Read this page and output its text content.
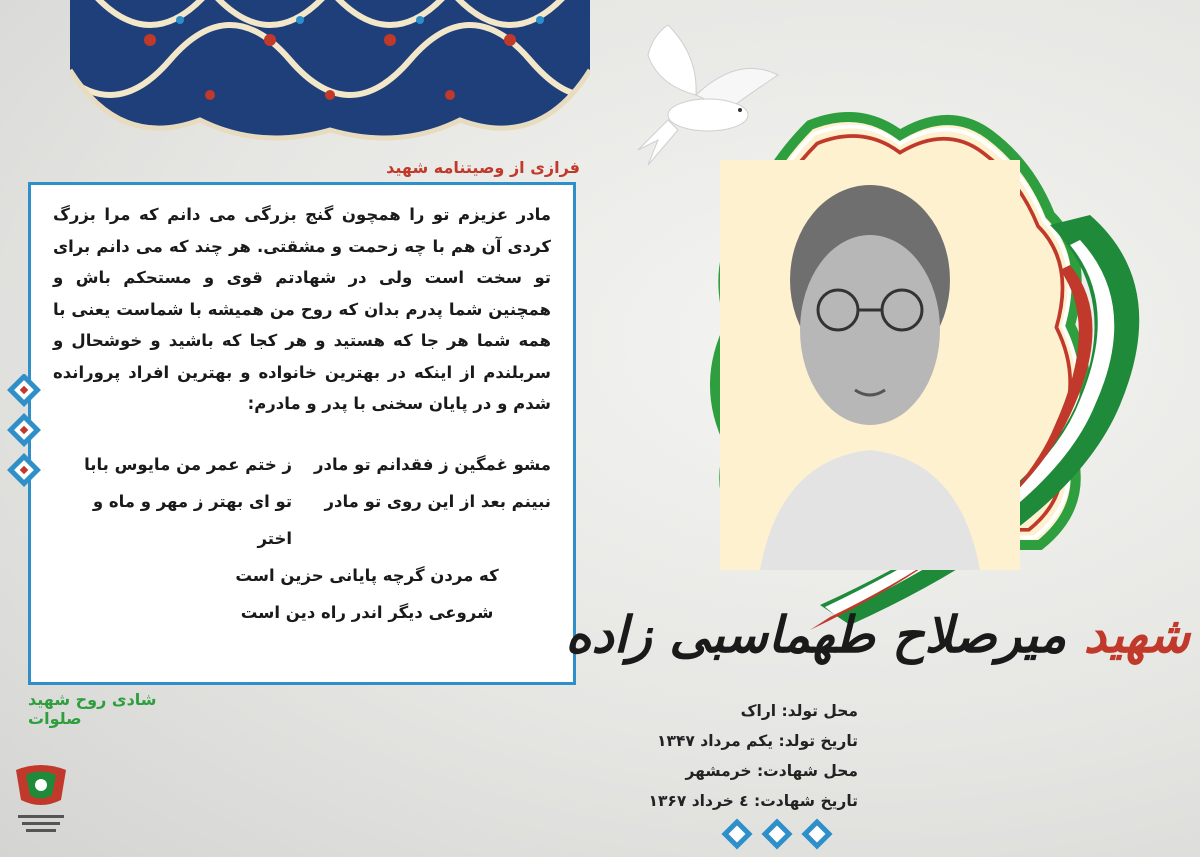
فرازی از وصیتنامه شهید

مادر عزیزم تو را همچون گنج بزرگی می دانم که مرا بزرگ کردی آن هم با چه زحمت و مشقتی. هر چند که می دانم برای تو سخت است ولی در شهادتم قوی و مستحکم باش و همچنین شما پدرم بدان که روح من همیشه با شماست یعنی با همه شما هر جا که هستید و هر کجا که باشید و خوشحال و سربلندم از اینکه در بهترین خانواده و بهترین افراد پرورانده شدم و در پایان سخنی با پدر و مادرم:

مشو غمگین ز فقدانم تو مادر
ز ختم عمر من مایوس بابا
نبینم بعد از این روی تو مادر
تو ای بهتر ز مهر و ماه و اختر
که مردن گرچه پایانی حزین است
شروعی دیگر اندر راه دین است
شادی روح شهید صلوات
شهید میرصلاح طهماسبی زاده
محل تولد: اراک
تاریخ تولد: یکم مرداد ۱۳۴۷
محل شهادت: خرمشهر
تاریخ شهادت: ٤ خرداد ۱۳۶۷
